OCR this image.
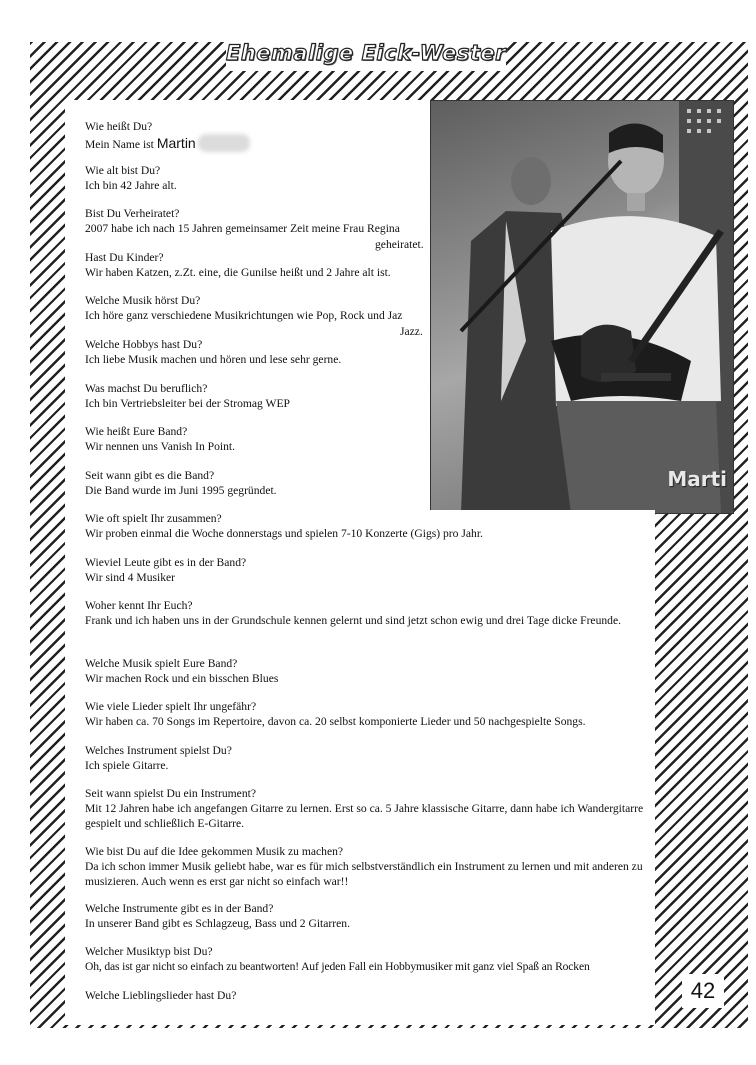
Ehemalige Eick-Wester
Marti
Wie heißt Du?
Mein Name ist Martin
Wie alt bist Du?
Ich bin 42 Jahre alt.
Bist Du Verheiratet?
2007 habe ich nach 15 Jahren gemeinsamer Zeit meine Frau Regina
geheiratet.
Hast Du Kinder?
Wir haben Katzen, z.Zt. eine, die Gunilse heißt und 2 Jahre alt ist.
Welche Musik hörst Du?
Ich höre ganz verschiedene Musikrichtungen wie Pop, Rock und Jaz
Jazz.
Welche Hobbys hast Du?
Ich liebe Musik machen und hören und lese sehr gerne.
Was machst Du beruflich?
Ich bin Vertriebsleiter bei der Stromag WEP
Wie heißt Eure Band?
Wir nennen uns Vanish In Point.
Seit wann gibt es die Band?
Die Band wurde im Juni 1995 gegründet.
Wie oft spielt Ihr zusammen?
Wir proben einmal die Woche donnerstags und spielen 7-10 Konzerte (Gigs) pro Jahr.
Wieviel Leute gibt es in der Band?
Wir sind 4 Musiker
Woher kennt Ihr Euch?
Frank und ich haben uns in der Grundschule kennen gelernt und sind jetzt schon ewig und drei Tage dicke Freunde.
Welche Musik spielt Eure Band?
Wir machen Rock und ein bisschen Blues
Wie viele Lieder spielt Ihr ungefähr?
Wir haben ca. 70 Songs im Repertoire, davon ca. 20 selbst komponierte Lieder und 50 nachgespielte Songs.
Welches Instrument spielst Du?
Ich spiele Gitarre.
Seit wann spielst Du ein Instrument?
Mit 12 Jahren habe ich angefangen Gitarre zu lernen. Erst so ca. 5 Jahre klassische Gitarre, dann habe ich Wandergitarre gespielt und schließlich E-Gitarre.
Wie bist Du auf die Idee gekommen Musik zu machen?
Da ich schon immer Musik geliebt habe, war es für mich selbstverständlich ein Instrument zu lernen und mit anderen zu musizieren. Auch wenn es erst gar nicht so einfach war!!
Welche Instrumente gibt es in der Band?
In unserer Band gibt es Schlagzeug, Bass und 2 Gitarren.
Welcher Musiktyp bist Du?
Oh, das ist gar nicht so einfach zu beantworten! Auf jeden Fall ein Hobbymusiker mit ganz viel Spaß an Rocken
Welche Lieblingslieder hast Du?	42
